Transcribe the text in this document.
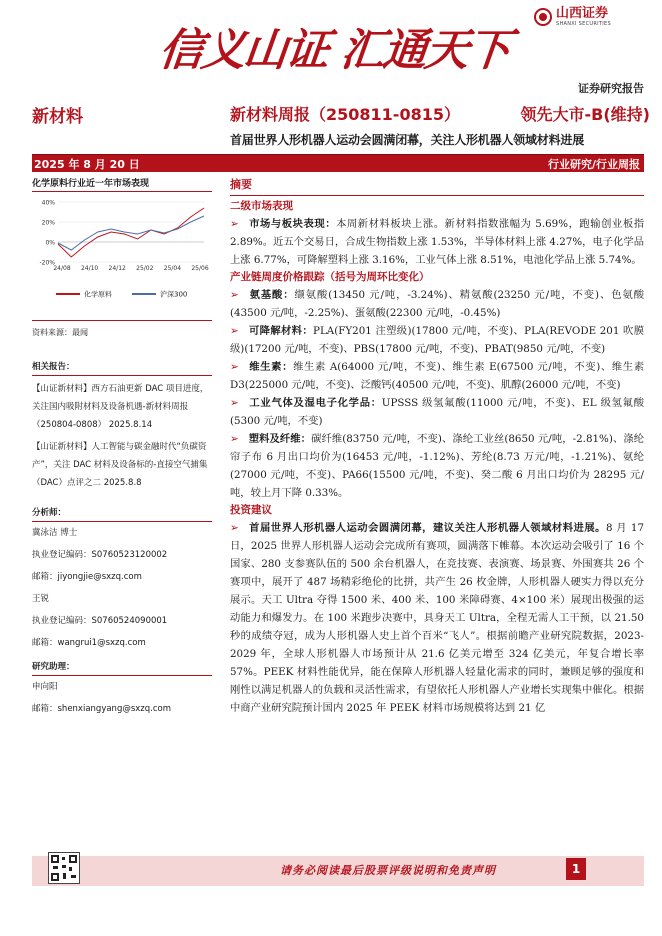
信义山证 汇通天下
山西证券
SHANXI SECURITIES
证券研究报告
新材料	新材料周报（250811-0815）	领先大市-B(维持)
首届世界人形机器人运动会圆满闭幕，关注人形机器人领域材料进展
2025 年 8 月 20 日	行业研究/行业周报
化学原料行业近一年市场表现
40%
20%
0%
-20%
24/08 24/10 24/12 25/02 25/04 25/06
化学原料	沪深300
资料来源：最闻
相关报告：
【山证新材料】西方石油更新 DAC 项目进度，关注国内吸附材料及设备机遇-新材料周报（250804-0808） 2025.8.14
【山证新材料】人工智能与碳金融时代“负碳资产”，关注 DAC 材料及设备标的-直接空气捕集（DAC）点评之二 2025.8.8
分析师：
冀泳洁 博士
执业登记编码：S0760523120002
邮箱：jiyongjie@sxzq.com
王锐
执业登记编码：S0760524090001
邮箱：wangrui1@sxzq.com
研究助理：
申向阳
邮箱：shenxiangyang@sxzq.com
摘要
二级市场表现
➢ 市场与板块表现：本周新材料板块上涨。新材料指数涨幅为 5.69%，跑输创业板指 2.89%。近五个交易日，合成生物指数上涨 1.53%，半导体材料上涨 4.27%，电子化学品上涨 6.77%，可降解塑料上涨 3.16%，工业气体上涨 8.51%，电池化学品上涨 5.74%。
产业链周度价格跟踪（括号为周环比变化）
➢ 氨基酸：缬氨酸(13450 元/吨，-3.24%)、精氨酸(23250 元/吨，不变)、色氨酸(43500 元/吨，-2.25%)、蛋氨酸(22300 元/吨，-0.45%)
➢ 可降解材料：PLA(FY201 注塑级)(17800 元/吨，不变)、PLA(REVODE 201 吹膜级)(17200 元/吨，不变)、PBS(17800 元/吨，不变)、PBAT(9850 元/吨，不变)
➢ 维生素：维生素 A(64000 元/吨，不变)、维生素 E(67500 元/吨，不变)、维生素 D3(225000 元/吨，不变)、泛酸钙(40500 元/吨，不变)、肌醇(26000 元/吨，不变)
➢ 工业气体及湿电子化学品：UPSSS 级氢氟酸(11000 元/吨，不变)、EL 级氢氟酸(5300 元/吨，不变)
➢ 塑料及纤维：碳纤维(83750 元/吨，不变)、涤纶工业丝(8650 元/吨，-2.81%)、涤纶帘子布 6 月出口均价为(16453 元/吨，-1.12%)、芳纶(8.73 万元/吨，-1.21%)、氨纶(27000 元/吨，不变)、PA66(15500 元/吨，不变)、癸二酸 6 月出口均价为 28295 元/吨，较上月下降 0.33%。
投资建议
➢ 首届世界人形机器人运动会圆满闭幕，建议关注人形机器人领域材料进展。8 月 17 日，2025 世界人形机器人运动会完成所有赛项，圆满落下帷幕。本次运动会吸引了 16 个国家、280 支参赛队伍的 500 余台机器人，在竞技赛、表演赛、场景赛、外围赛共 26 个赛项中，展开了 487 场精彩绝伦的比拼，共产生 26 枚金牌，人形机器人硬实力得以充分展示。天工 Ultra 夺得 1500 米、400 米、100 米障碍赛、4×100 米）展现出极强的运动能力和爆发力。在 100 米跑步决赛中，具身天工 Ultra，全程无需人工干预，以 21.50 秒的成绩夺冠，成为人形机器人史上首个百米“飞人”。根据前瞻产业研究院数据，2023-2029 年，全球人形机器人市场预计从 21.6 亿美元增至 324 亿美元，年复合增长率 57%。PEEK 材料性能优异，能在保障人形机器人轻量化需求的同时，兼顾足够的强度和刚性以满足机器人的负载和灵活性需求，有望依托人形机器人产业增长实现集中催化。根据中商产业研究院预计国内 2025 年 PEEK 材料市场规模将达到 21 亿
请务必阅读最后股票评级说明和免责声明	1
